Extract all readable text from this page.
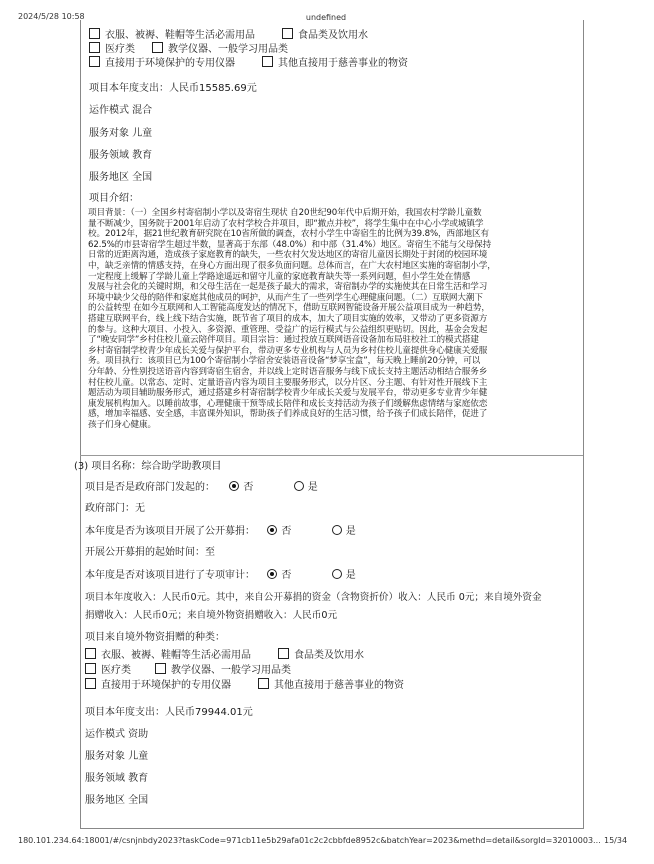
2024/5/28 10:58	undefined
衣服、被褥、鞋帽等生活必需用品	食品类及饮用水
医疗类	教学仪器、一般学习用品类
直接用于环境保护的专用仪器	其他直接用于慈善事业的物资
项目本年度支出：人民币15585.69元
运作模式 混合
服务对象 儿童
服务领域 教育
服务地区 全国
项目介绍：
项目背景：（一）全国乡村寄宿制小学以及寄宿生现状 自20世纪90年代中后期开始，我国农村学龄儿童数
量不断减少，国务院于2001年启动了农村学校合并项目，即“撤点并校”，将学生集中在中心小学或城镇学
校。2012年，据21世纪教育研究院在10省所做的调查，农村小学生中寄宿生的比例为39.8%，西部地区有
62.5%的市县寄宿学生超过半数，显著高于东部（48.0%）和中部（31.4%）地区。寄宿生不能与父母保持
日常的近距离沟通，造成孩子家庭教育的缺失，一些农村欠发达地区的寄宿儿童因长期处于封闭的校园环境
中，缺乏亲情的情感支持，在身心方面出现了很多负面问题。总体而言，在广大农村地区实施的寄宿制小学，
一定程度上缓解了学龄儿童上学路途遥远和留守儿童的家庭教育缺失等一系列问题，但小学生处在情感
发展与社会化的关键时期，和父母生活在一起是孩子最大的需求，寄宿制办学的实施使其在日常生活和学习
环境中缺少父母的陪伴和家庭其他成员的呵护，从而产生了一些列学生心理健康问题。（二）互联网大潮下
的公益转型 在如今互联网和人工智能高度发达的情况下，借助互联网智能设备开展公益项目成为一种趋势，
搭建互联网平台，线上线下结合实施，既节省了项目的成本，加大了项目实施的效率，又带动了更多资源方
的参与。这种大项目、小投入、多资源、重管理、受益广的运行模式与公益组织更贴切。因此，基金会发起
了“晚安同学”乡村住校儿童云陪伴项目。项目宗旨：通过投放互联网语音设备加布局驻校社工的模式搭建
乡村寄宿制学校青少年成长关爱与保护平台，带动更多专业机构与人员为乡村住校儿童提供身心健康关爱服
务。项目执行：该项目已为100个寄宿制小学宿舍安装语音设备“梦享宝盒”，每天晚上睡前20分钟，可以
分年龄、分性别投送语音内容到寄宿生宿舍，并以线上定时语音服务与线下成长支持主题活动相结合服务乡
村住校儿童。以常态、定时、定量语音内容为项目主要服务形式，以分片区、分主题、有针对性开展线下主
题活动为项目辅助服务形式，通过搭建乡村寄宿制学校青少年成长关爱与发展平台，带动更多专业青少年健
康发展机构加入。以睡前故事，心理健康干预等成长陪伴和成长支持活动为孩子们缓解焦虑情绪与家庭依恋
感，增加幸福感、安全感，丰富课外知识，帮助孩子们养成良好的生活习惯，给予孩子们成长陪伴，促进了
孩子们身心健康。
(3) 项目名称：综合助学助教项目
项目是否是政府部门发起的：	否	是
政府部门：无
本年度是否为该项目开展了公开募捐：	否	是
开展公开募捐的起始时间：至
本年度是否对该项目进行了专项审计：	否	是
项目本年度收入：人民币0元。其中，来自公开募捐的资金（含物资折价）收入：人民币 0元；来自境外资金
捐赠收入：人民币0元；来自境外物资捐赠收入：人民币0元
项目来自境外物资捐赠的种类：
衣服、被褥、鞋帽等生活必需用品	食品类及饮用水
医疗类	教学仪器、一般学习用品类
直接用于环境保护的专用仪器	其他直接用于慈善事业的物资
项目本年度支出：人民币79944.01元
运作模式 资助
服务对象 儿童
服务领域 教育
服务地区 全国
180.101.234.64:18001/#/csnjnbdy2023?taskCode=971cb11e5b29afa01c2c2cbbfde8952c&batchYear=2023&methd=detail&sorgId=32010003... 15/34
